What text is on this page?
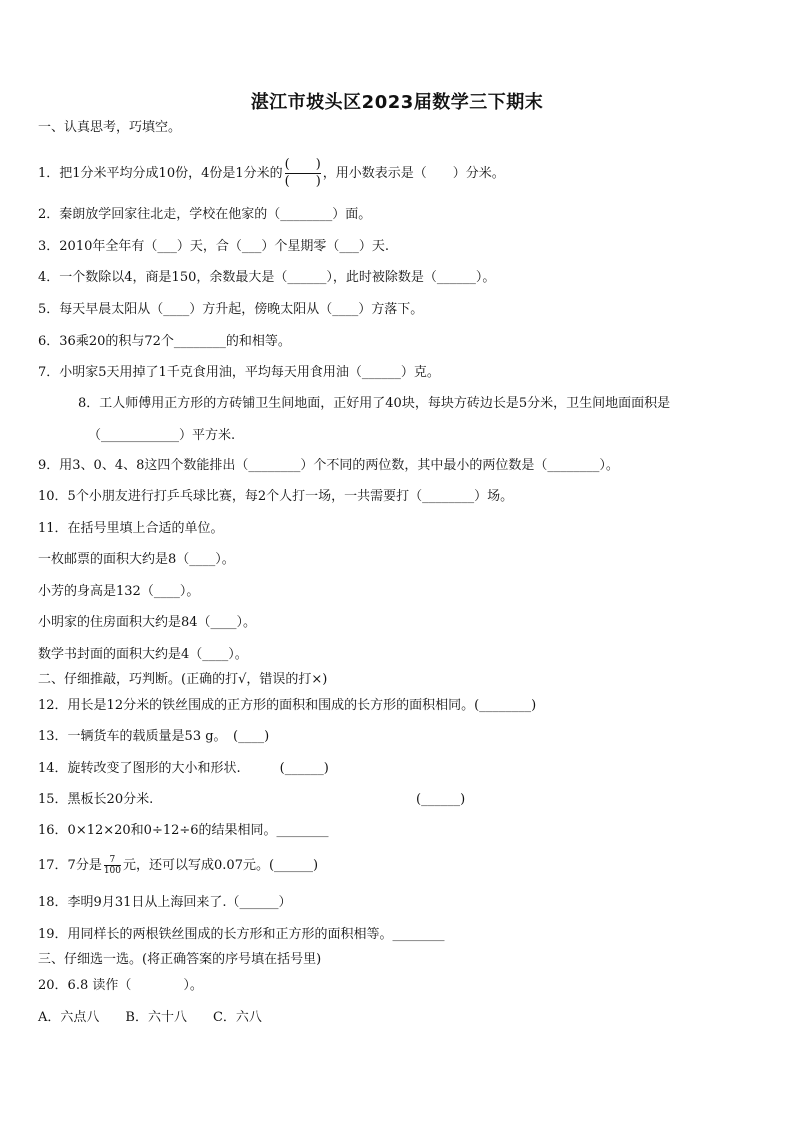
湛江市坡头区2023届数学三下期末
一、认真思考，巧填空。
1．把1分米平均分成10份，4份是1分米的 $\frac{( )}{( )}$ ，用小数表示是（　　）分米。
2．秦朗放学回家往北走，学校在他家的（________）面。
3．2010年全年有（___）天，合（___）个星期零（___）天.
4．一个数除以4，商是150，余数最大是（______），此时被除数是（______）。
5．每天早晨太阳从（____）方升起，傍晚太阳从（____）方落下。
6．36乘20的积与72个________的和相等。
7．小明家5天用掉了1千克食用油，平均每天用食用油（______）克。
8．工人师傅用正方形的方砖铺卫生间地面，正好用了40块，每块方砖边长是5分米，卫生间地面面积是
（____________）平方米.
9．用3、0、4、8这四个数能排出（________）个不同的两位数，其中最小的两位数是（________）。
10．5个小朋友进行打乒乓球比赛，每2个人打一场，一共需要打（________）场。
11．在括号里填上合适的单位。
一枚邮票的面积大约是8（____）。
小芳的身高是132（____）。
小明家的住房面积大约是84（____）。
数学书封面的面积大约是4（____）。
二、仔细推敲，巧判断。(正确的打√，错误的打×)
12．用长是12分米的铁丝围成的正方形的面积和围成的长方形的面积相同。(________)
13．一辆货车的载质量是53 g。　(____)
14．旋转改变了图形的大小和形状.　　　(______)
15．黑板长20分米.	(______)
16．0×12×20和0÷12÷6的结果相同。________
17．7分是 $\frac{7}{100}$ 元，还可以写成0.07元。(______)
18．李明9月31日从上海回来了.（______）
19．用同样长的两根铁丝围成的长方形和正方形的面积相等。________
三、仔细选一选。(将正确答案的序号填在括号里)
20．6.8 读作（　　　　）。
A．六点八　　B．六十八　　C．六八
